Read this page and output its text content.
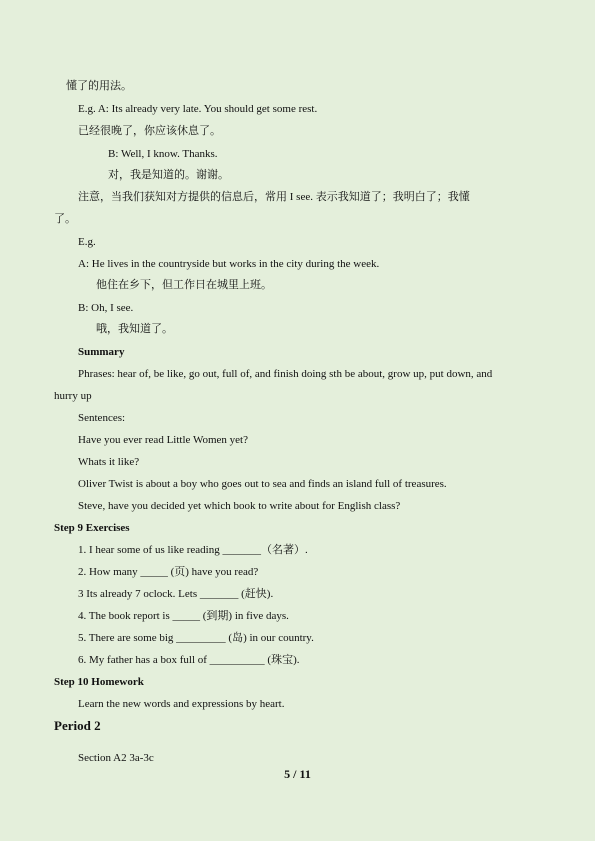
懂了的用法。
E.g. A: Its already very late. You should get some rest.
已经很晚了，你应该休息了。
B: Well, I know. Thanks.
对，我是知道的。谢谢。
注意，当我们获知对方提供的信息后，常用 I see. 表示我知道了；我明白了；我懂
了。
E.g.
A: He lives in the countryside but works in the city during the week.
他住在乡下，但工作日在城里上班。
B: Oh, I see.
哦，我知道了。
Summary
Phrases: hear of, be like, go out, full of, and finish doing sth be about, grow up, put down, and
hurry up
Sentences:
Have you ever read Little Women yet?
Whats it like?
Oliver Twist is about a boy who goes out to sea and finds an island full of treasures.
Steve, have you decided yet which book to write about for English class?
Step 9 Exercises
1. I hear some of us like reading _______（名著）.
2. How many _____ (页) have you read?
3 Its already 7 oclock. Lets _______ (赶快).
4. The book report is _____ (到期) in five days.
5. There are some big _________ (岛) in our country.
6. My father has a box full of __________ (珠宝).
Step 10 Homework
Learn the new words and expressions by heart.
Period 2
Section A2 3a-3c
5 / 11
